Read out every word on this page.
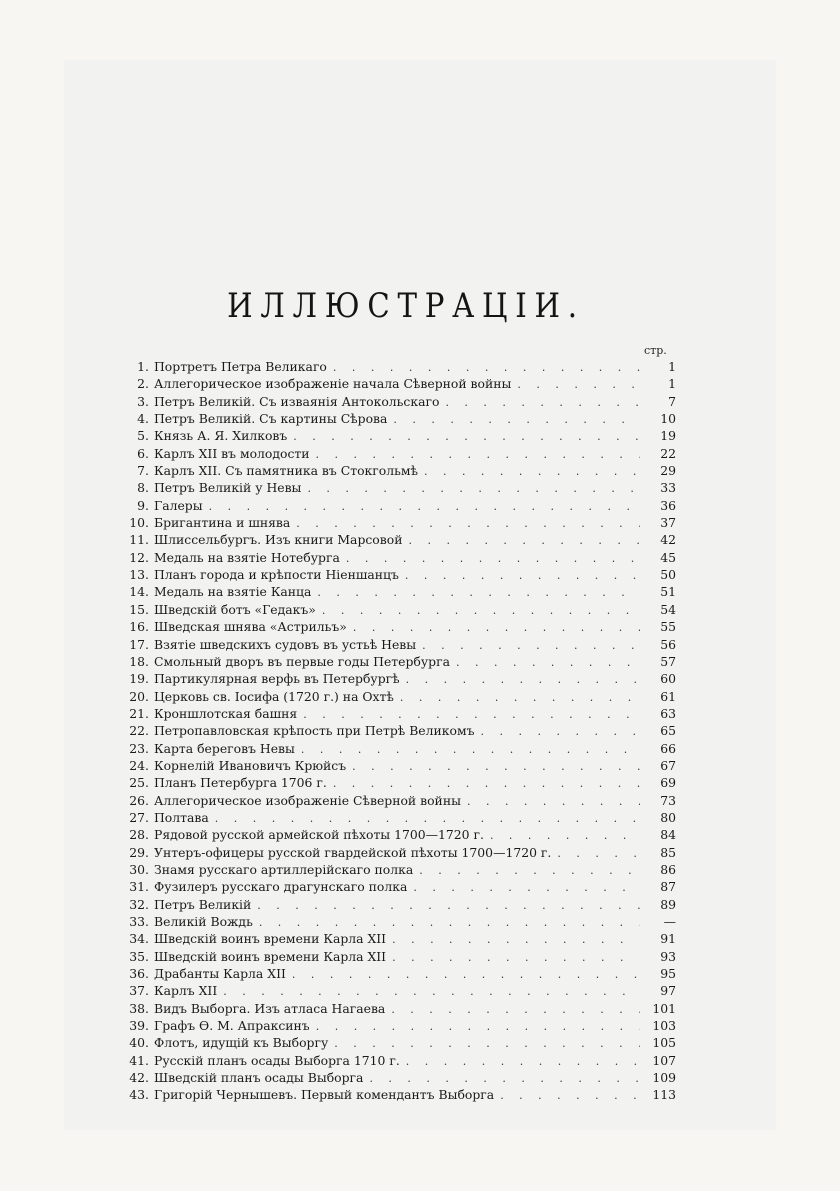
ИЛЛЮСТРАЦІИ.
стр.
1. Портретъ Петра Великаго . . .	1
2. Аллегорическое изображеніе начала Сѣверной войны . . .	1
3. Петръ Великій. Съ изваянія Антокольскаго . . .	7
4. Петръ Великій. Съ картины Сѣрова . . .	10
5. Князь А. Я. Хилковъ . . .	19
6. Карлъ XII въ молодости . . .	22
7. Карлъ XII. Съ памятника въ Стокгольмѣ . . .	29
8. Петръ Великій у Невы . . .	33
9. Галеры . . .	36
10. Бригантина и шнява . . .	37
11. Шлиссельбургъ. Изъ книги Марсовой . . .	42
12. Медаль на взятіе Нотебурга . . .	45
13. Планъ города и крѣпости Ніеншанцъ . . .	50
14. Медаль на взятіе Канца . . .	51
15. Шведскій ботъ «Гедакъ» . . .	54
16. Шведская шнява «Астрильъ» . . .	55
17. Взятіе шведскихъ судовъ въ устьѣ Невы . . .	56
18. Смольный дворъ въ первые годы Петербурга . . .	57
19. Партикулярная верфь въ Петербургѣ . . .	60
20. Церковь св. Іосифа (1720 г.) на Охтѣ . . .	61
21. Кроншлотская башня . . .	63
22. Петропавловская крѣпость при Петрѣ Великомъ . . .	65
23. Карта береговъ Невы . . .	66
24. Корнелій Ивановичъ Крюйсъ . . .	67
25. Планъ Петербурга 1706 г. . . .	69
26. Аллегорическое изображеніе Сѣверной войны . . .	73
27. Полтава . . .	80
28. Рядовой русской армейской пѣхоты 1700—1720 г. . . .	84
29. Унтеръ-офицеры русской гвардейской пѣхоты 1700—1720 г. . . .	85
30. Знамя русскаго артиллерійскаго полка . . .	86
31. Фузилеръ русскаго драгунскаго полка . . .	87
32. Петръ Великій . . .	89
33. Великій Вождь . . .	—
34. Шведскій воинъ времени Карла XII . . .	91
35. Шведскій воинъ времени Карла XII . . .	93
36. Драбанты Карла XII . . .	95
37. Карлъ XII . . .	97
38. Видъ Выборга. Изъ атласа Нагаева . . .	101
39. Графъ Ѳ. М. Апраксинъ . . .	103
40. Флотъ, идущій къ Выборгу . . .	105
41. Русскій планъ осады Выборга 1710 г. . . .	107
42. Шведскій планъ осады Выборга . . .	109
43. Григорій Чернышевъ. Первый комендантъ Выборга . . .	113
